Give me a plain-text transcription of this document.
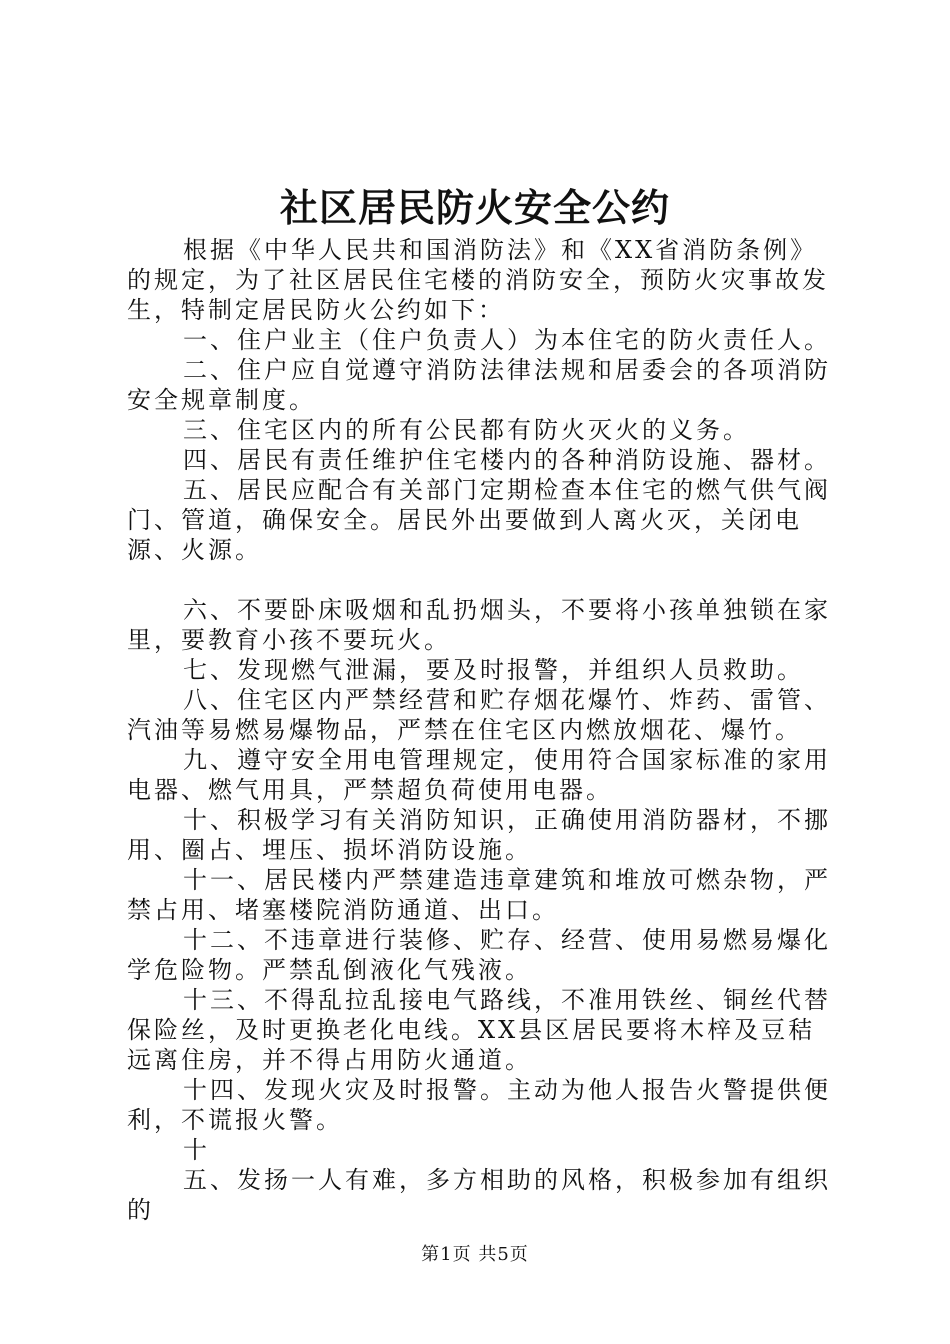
社区居民防火安全公约

根据《中华人民共和国消防法》和《XX省消防条例》的规定，为了社区居民住宅楼的消防安全，预防火灾事故发生，特制定居民防火公约如下：

一、住户业主（住户负责人）为本住宅的防火责任人。

二、住户应自觉遵守消防法律法规和居委会的各项消防安全规章制度。

三、住宅区内的所有公民都有防火灭火的义务。

四、居民有责任维护住宅楼内的各种消防设施、器材。

五、居民应配合有关部门定期检查本住宅的燃气供气阀门、管道，确保安全。居民外出要做到人离火灭，关闭电源、火源。

六、不要卧床吸烟和乱扔烟头，不要将小孩单独锁在家里，要教育小孩不要玩火。

七、发现燃气泄漏，要及时报警，并组织人员救助。

八、住宅区内严禁经营和贮存烟花爆竹、炸药、雷管、汽油等易燃易爆物品，严禁在住宅区内燃放烟花、爆竹。

九、遵守安全用电管理规定，使用符合国家标准的家用电器、燃气用具，严禁超负荷使用电器。

十、积极学习有关消防知识，正确使用消防器材，不挪用、圈占、埋压、损坏消防设施。

十一、居民楼内严禁建造违章建筑和堆放可燃杂物，严禁占用、堵塞楼院消防通道、出口。

十二、不违章进行装修、贮存、经营、使用易燃易爆化学危险物。严禁乱倒液化气残液。

十三、不得乱拉乱接电气路线，不准用铁丝、铜丝代替保险丝，及时更换老化电线。XX县区居民要将木梓及豆秸远离住房，并不得占用防火通道。

十四、发现火灾及时报警。主动为他人报告火警提供便利，不谎报火警。

十

五、发扬一人有难，多方相助的风格，积极参加有组织的

第1页 共5页
